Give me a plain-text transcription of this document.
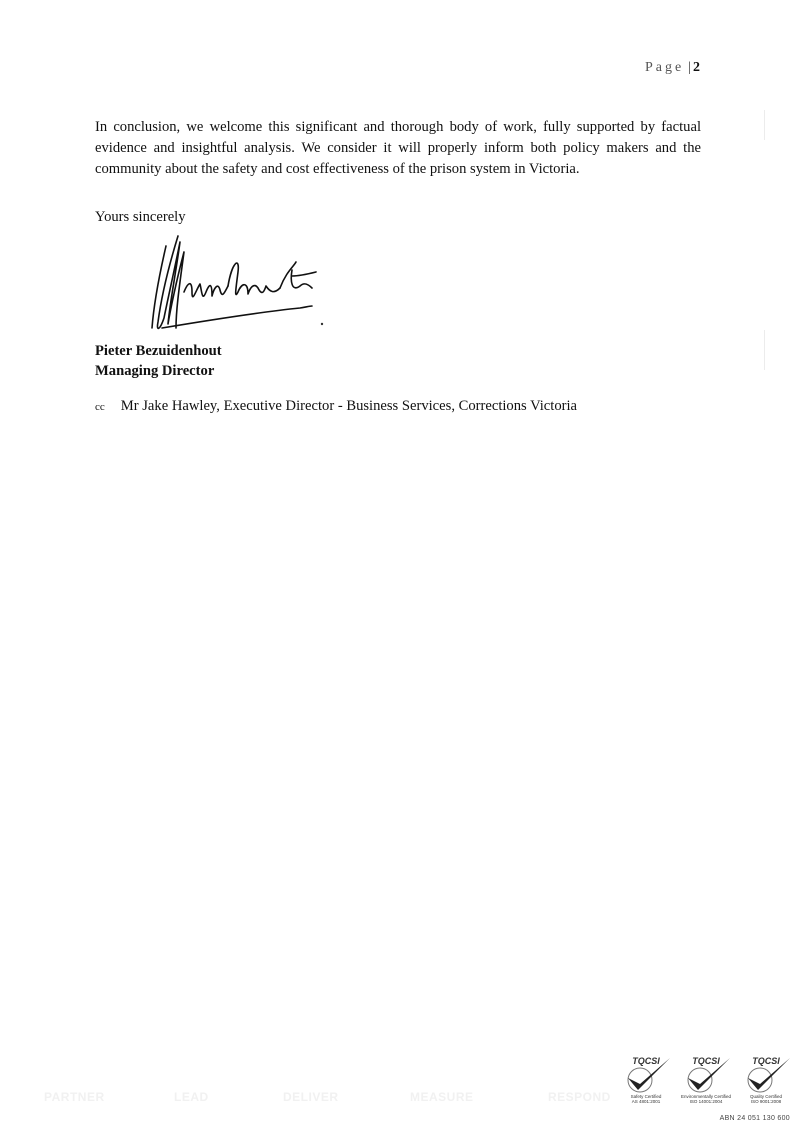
Page | 2

In conclusion, we welcome this significant and thorough body of work, fully supported by factual evidence and insightful analysis. We consider it will properly inform both policy makers and the community about the safety and cost effectiveness of the prison system in Victoria.

Yours sincerely

Pieter Bezuidenhout
Managing Director
cc Mr Jake Hawley, Executive Director - Business Services, Corrections Victoria
PARTNER	LEAD	DELIVER	MEASURE	RESPOND
TQCSI
Safety Certified
AS 4801:2001
TQCSI
Environmentally Certified
ISO 14001:2004
TQCSI
Quality Certified
ISO 9001:2008
ABN 24 051 130 600
